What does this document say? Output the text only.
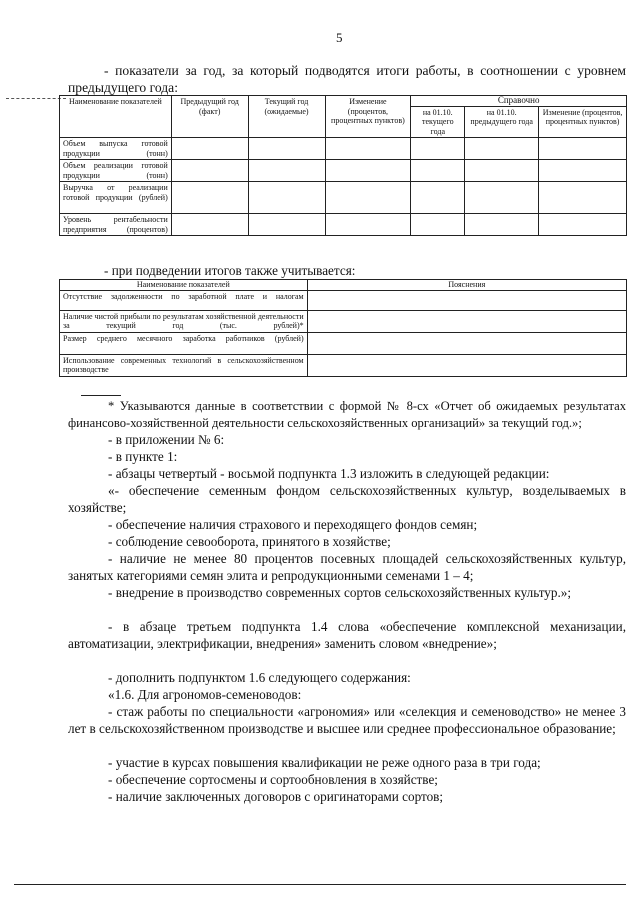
5
- показатели за год, за который подводятся итоги работы, в соотношении с уровнем предыдущего года:
Наименование показателей	Предыдущий год (факт)	Текущий год (ожидаемые)	Изменение (процентов, процентных пунктов)	Справочно		
				на 01.10. текущего года	на 01.10. предыдущего года	Изменение (процентов, процентных пунктов)
Объем выпуска готовой продукции (тонн)						
Объем реализации готовой продукции (тонн)						
Выручка от реализации готовой продукции (рублей)						
Уровень рентабельности предприятия (процентов)						
- при подведении итогов также учитывается:
Наименование показателей	Пояснения
Отсутствие задолженности по заработной плате и налогам	
Наличие чистой прибыли по результатам хозяйственной деятельности за текущий год (тыс. рублей)*	
Размер среднего месячного заработка работников (рублей)	
Использование современных технологий в сельскохозяйственном производстве	
* Указываются данные в соответствии с формой № 8-сх «Отчет об ожидаемых результатах финансово-хозяйственной деятельности сельскохозяйственных организаций» за текущий год.»;
- в приложении № 6:
- в пункте 1:
- абзацы четвертый - восьмой подпункта 1.3 изложить в следующей редакции:
«- обеспечение семенным фондом сельскохозяйственных культур, возделываемых в хозяйстве;
- обеспечение наличия страхового и переходящего фондов семян;
- соблюдение севооборота, принятого в хозяйстве;
- наличие не менее 80 процентов посевных площадей сельскохозяйственных культур, занятых категориями семян элита и репродукционными семенами 1 – 4;
- внедрение в производство современных сортов сельскохозяйственных культур.»;
- в абзаце третьем подпункта 1.4 слова «обеспечение комплексной механизации, автоматизации, электрификации, внедрения» заменить словом «внедрение»;
- дополнить подпунктом 1.6 следующего содержания:
«1.6. Для агрономов-семеноводов:
- стаж работы по специальности «агрономия» или «селекция и семеноводство» не менее 3 лет в сельскохозяйственном производстве и высшее или среднее профессиональное образование;
- участие в курсах повышения квалификации не реже одного раза в три года;
- обеспечение сортосмены и сортообновления в хозяйстве;
- наличие заключенных договоров с оригинаторами сортов;
